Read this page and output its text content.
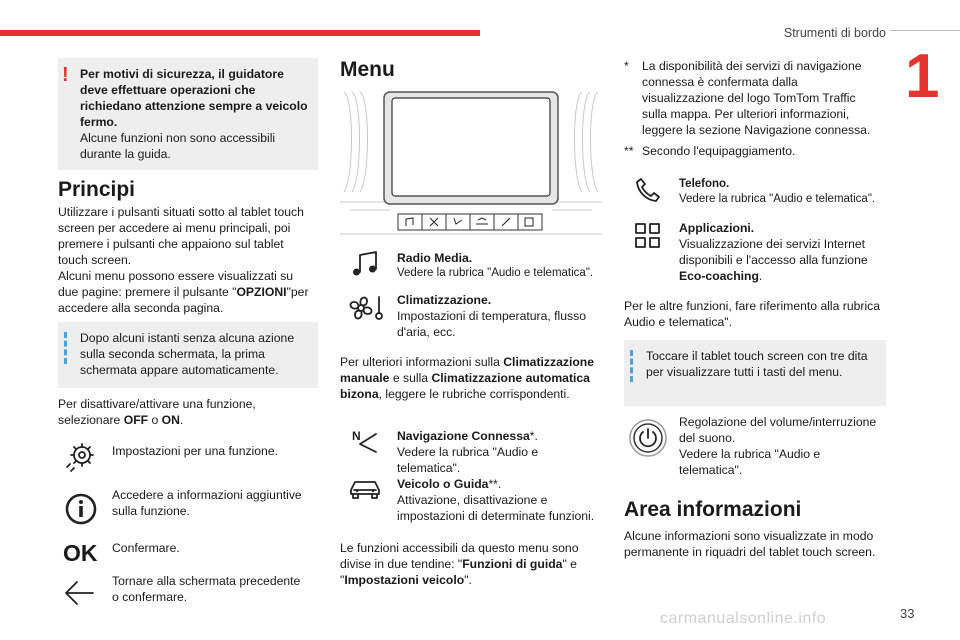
Strumenti di bordo
1
33
carmanualsonline.info
! Per motivi di sicurezza, il guidatore
deve effettuare operazioni che
richiedano attenzione sempre a veicolo
fermo.
Alcune funzioni non sono accessibili
durante la guida.
Principi
Utilizzare i pulsanti situati sotto al tablet touch
screen per accedere ai menu principali, poi
premere i pulsanti che appaiono sul tablet
touch screen.
Alcuni menu possono essere visualizzati su
due pagine: premere il pulsante "OPZIONI"per
accedere alla seconda pagina.
Dopo alcuni istanti senza alcuna azione
sulla seconda schermata, la prima
schermata appare automaticamente.
Per disattivare/attivare una funzione,
selezionare OFF o ON.
Impostazioni per una funzione.
Accedere a informazioni aggiuntive
sulla funzione.
OK Confermare.
Tornare alla schermata precedente
o confermare.
Menu
Radio Media.
Vedere la rubrica "Audio e telematica".
Climatizzazione.
Impostazioni di temperatura, flusso
d'aria, ecc.
Per ulteriori informazioni sulla Climatizzazione
manuale e sulla Climatizzazione automatica
bizona, leggere le rubriche corrispondenti.
N	Navigazione Connessa*.
Vedere la rubrica "Audio e
telematica".
Veicolo o Guida**.
Attivazione, disattivazione e
impostazioni di determinate funzioni.
Le funzioni accessibili da questo menu sono
divise in due tendine: "Funzioni di guida" e
"Impostazioni veicolo".
* La disponibilità dei servizi di navigazione
connessa è confermata dalla
visualizzazione del logo TomTom Traffic
sulla mappa. Per ulteriori informazioni,
leggere la sezione Navigazione connessa.
** Secondo l'equipaggiamento.
Telefono.
Vedere la rubrica "Audio e telematica".
Applicazioni.
Visualizzazione dei servizi Internet
disponibili e l'accesso alla funzione
Eco-coaching.
Per le altre funzioni, fare riferimento alla rubrica
Audio e telematica".
Toccare il tablet touch screen con tre dita
per visualizzare tutti i tasti del menu.
Regolazione del volume/interruzione
del suono.
Vedere la rubrica "Audio e
telematica".
Area informazioni
Alcune informazioni sono visualizzate in modo
permanente in riquadri del tablet touch screen.
